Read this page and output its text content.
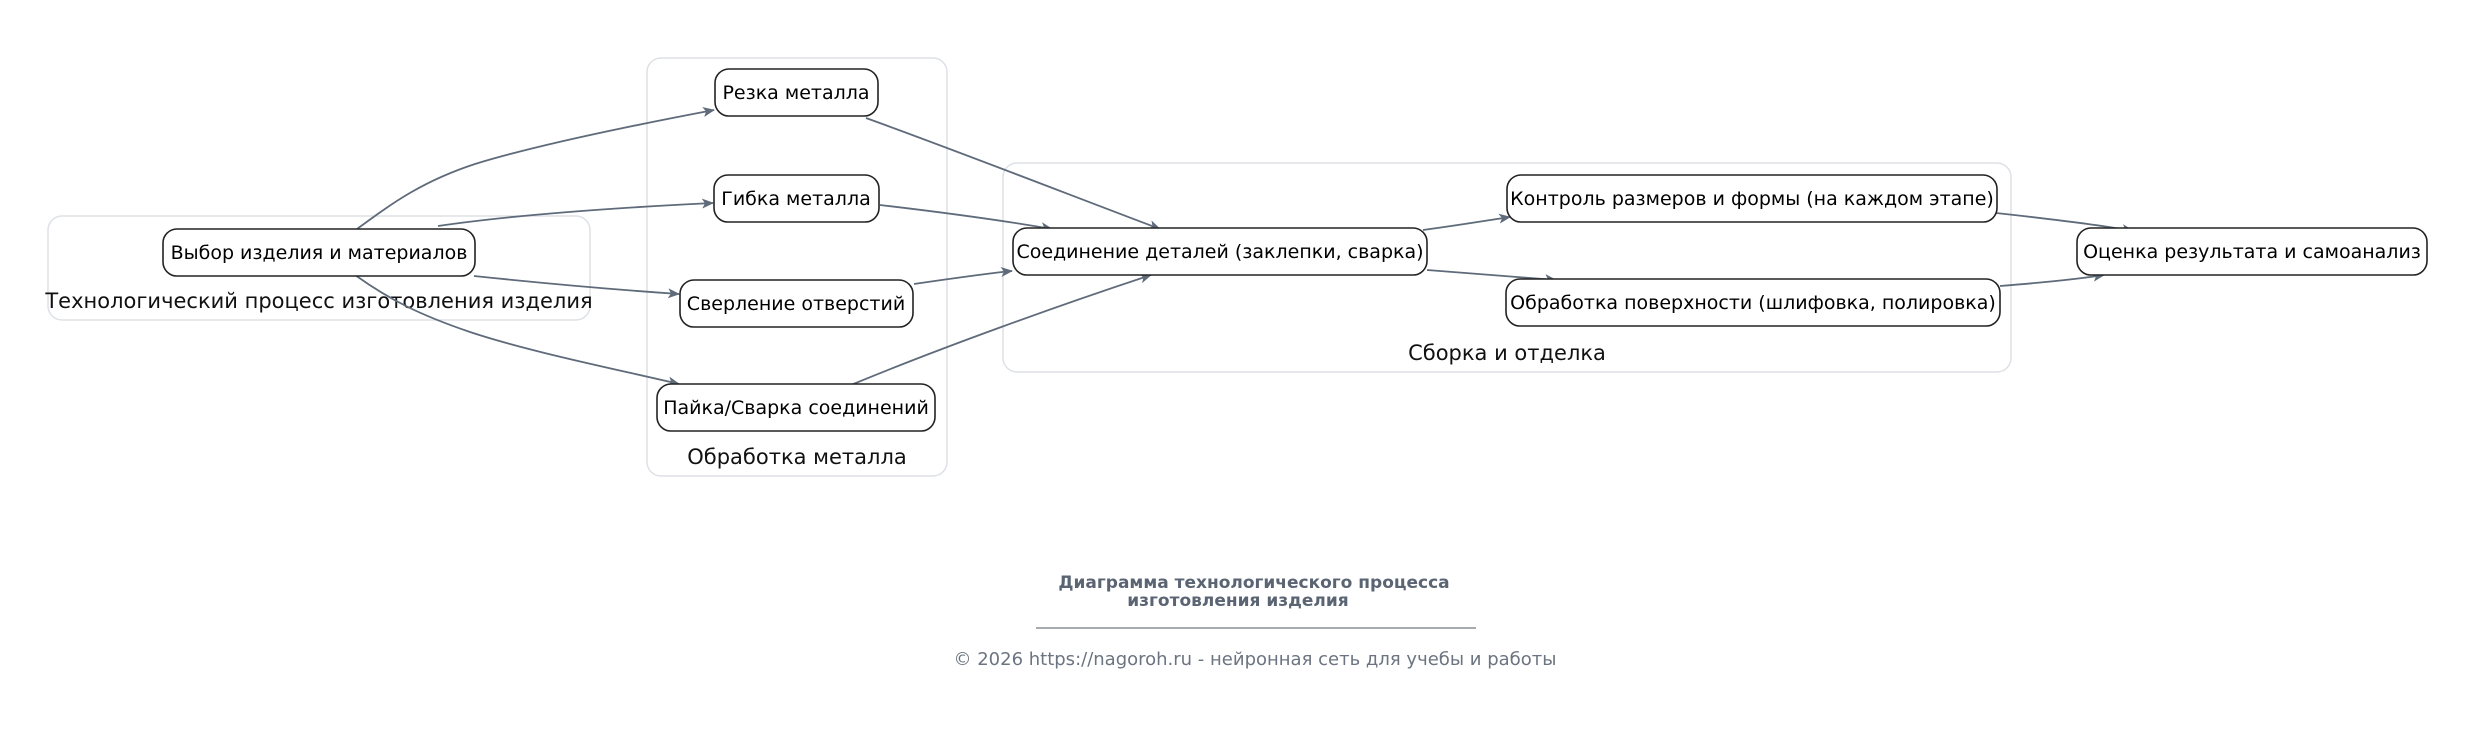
Технологический процесс изготовления изделия
Обработка металла
Сборка и отделка
Выбор изделия и материалов
Резка металла
Гибка металла
Сверление отверстий
Пайка/Сварка соединений
Соединение деталей (заклепки, сварка)
Контроль размеров и формы (на каждом этапе)
Обработка поверхности (шлифовка, полировка)
Оценка результата и самоанализ
Диаграмма технологического процесса
изготовления изделия
© 2026 https://nagoroh.ru - нейронная сеть для учебы и работы
